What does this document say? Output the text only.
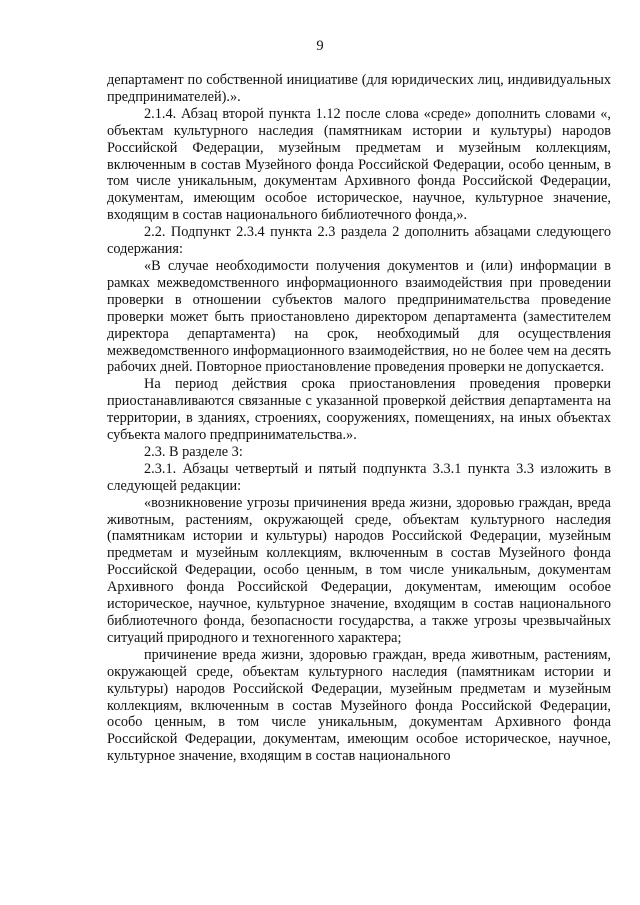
9

департамент по собственной инициативе (для юридических лиц, индивидуальных предпринимателей).».

2.1.4. Абзац второй пункта 1.12 после слова «среде» дополнить словами «, объектам культурного наследия (памятникам истории и культуры) народов Российской Федерации, музейным предметам и музейным коллекциям, включенным в состав Музейного фонда Российской Федерации, особо ценным, в том числе уникальным, документам Архивного фонда Российской Федерации, документам, имеющим особое историческое, научное, культурное значение, входящим в состав национального библиотечного фонда,».

2.2. Подпункт 2.3.4 пункта 2.3 раздела 2 дополнить абзацами следующего содержания:

«В случае необходимости получения документов и (или) информации в рамках межведомственного информационного взаимодействия при проведении проверки в отношении субъектов малого предпринимательства проведение проверки может быть приостановлено директором департамента (заместителем директора департамента) на срок, необходимый для осуществления межведомственного информационного взаимодействия, но не более чем на десять рабочих дней. Повторное приостановление проведения проверки не допускается.

На период действия срока приостановления проведения проверки приостанавливаются связанные с указанной проверкой действия департамента на территории, в зданиях, строениях, сооружениях, помещениях, на иных объектах субъекта малого предпринимательства.».

2.3. В разделе 3:

2.3.1. Абзацы четвертый и пятый подпункта 3.3.1 пункта 3.3 изложить в следующей редакции:

«возникновение угрозы причинения вреда жизни, здоровью граждан, вреда животным, растениям, окружающей среде, объектам культурного наследия (памятникам истории и культуры) народов Российской Федерации, музейным предметам и музейным коллекциям, включенным в состав Музейного фонда Российской Федерации, особо ценным, в том числе уникальным, документам Архивного фонда Российской Федерации, документам, имеющим особое историческое, научное, культурное значение, входящим в состав национального библиотечного фонда, безопасности государства, а также угрозы чрезвычайных ситуаций природного и техногенного характера;

причинение вреда жизни, здоровью граждан, вреда животным, растениям, окружающей среде, объектам культурного наследия (памятникам истории и культуры) народов Российской Федерации, музейным предметам и музейным коллекциям, включенным в состав Музейного фонда Российской Федерации, особо ценным, в том числе уникальным, документам Архивного фонда Российской Федерации, документам, имеющим особое историческое, научное, культурное значение, входящим в состав национального
